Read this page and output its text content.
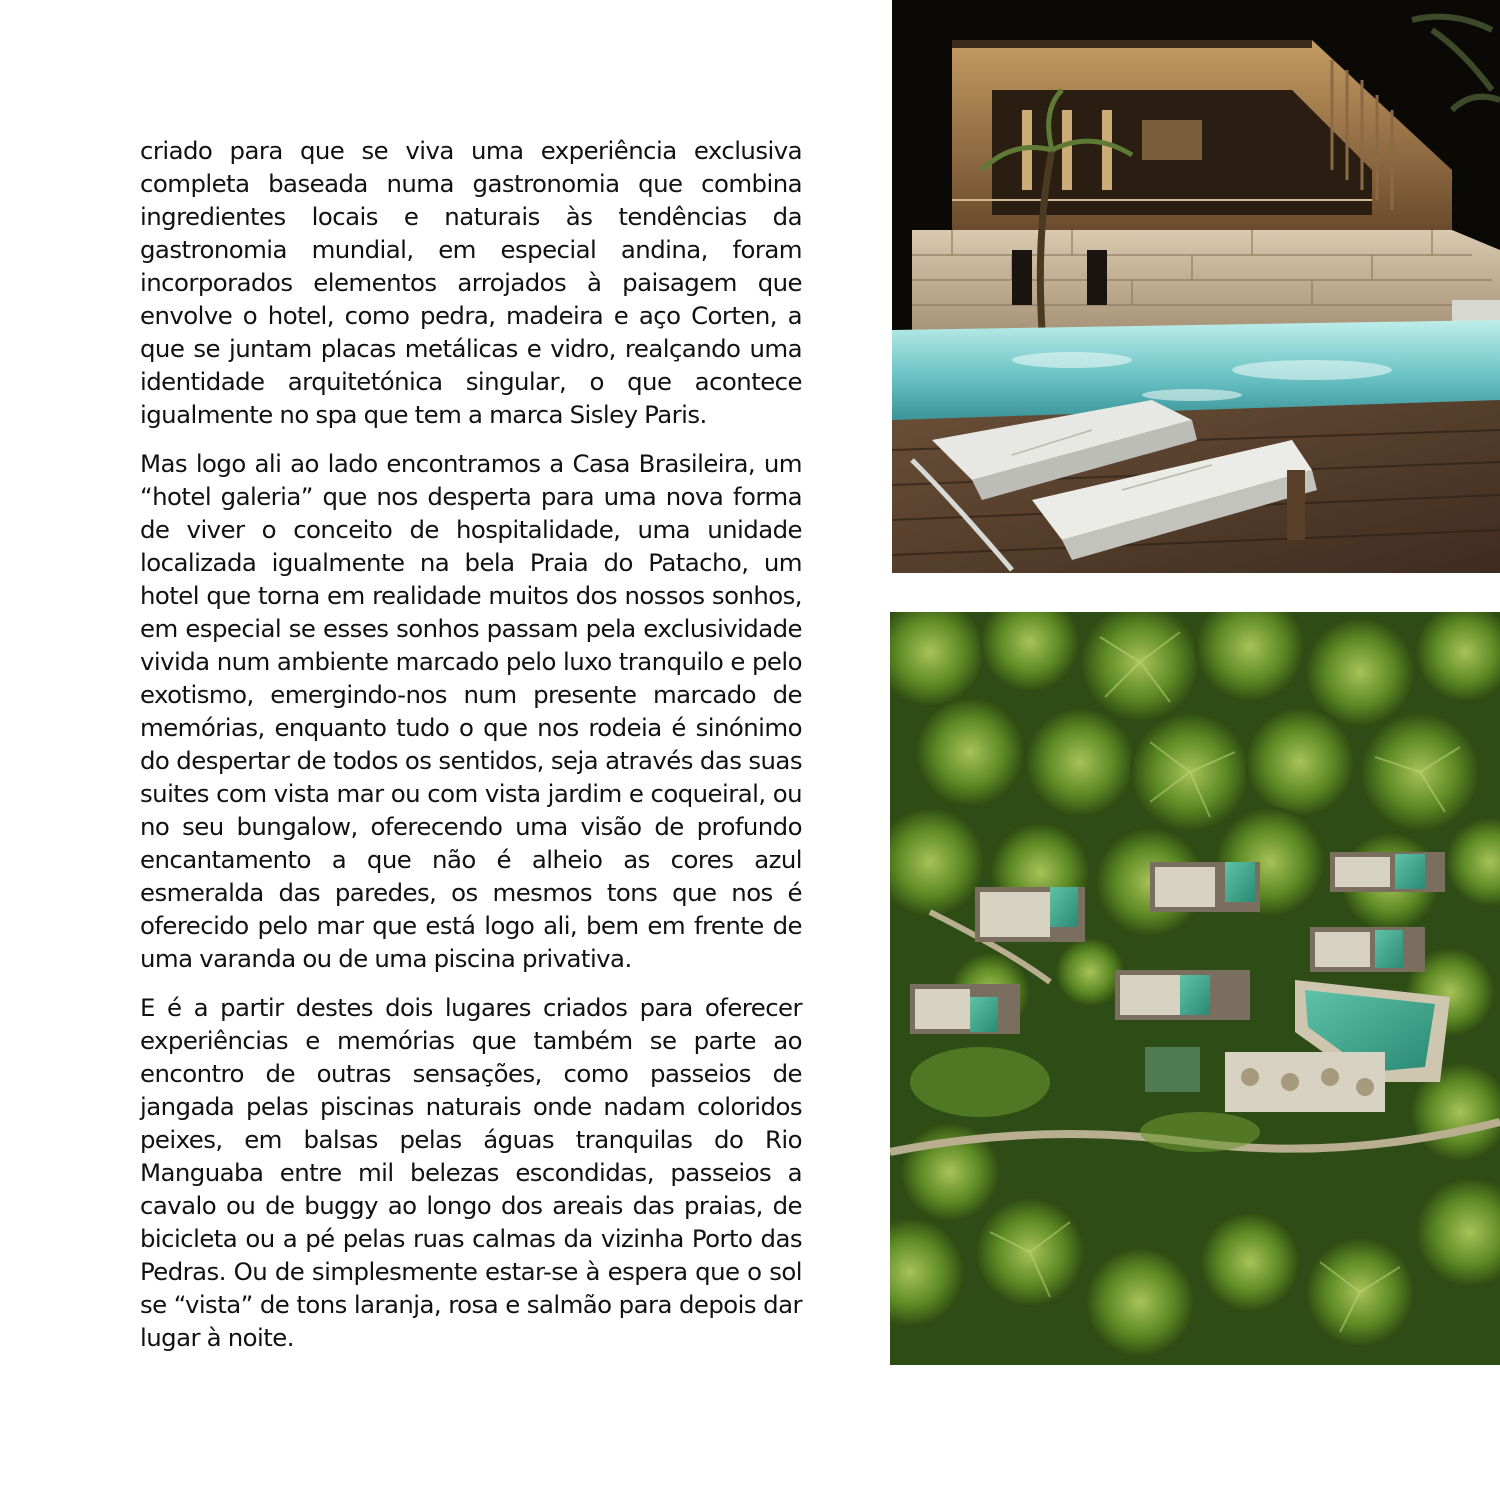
criado para que se viva uma experiência exclusiva completa baseada numa gastronomia que combina ingredientes locais e naturais às tendências da gastronomia mundial, em especial andina, foram incorporados elementos arrojados à paisagem que envolve o hotel, como pedra, madeira e aço Corten, a que se juntam placas metálicas e vidro, realçando uma identidade arquitetónica singular, o que acontece igualmente no spa que tem a marca Sisley Paris.

Mas logo ali ao lado encontramos a Casa Brasileira, um “hotel galeria” que nos desperta para uma nova forma de viver o conceito de hospitalidade, uma unidade localizada igualmente na bela Praia do Patacho, um hotel que torna em realidade muitos dos nossos sonhos, em especial se esses sonhos passam pela exclusividade vivida num ambiente marcado pelo luxo tranquilo e pelo exotismo, emergindo-nos num presente marcado de memórias, enquanto tudo o que nos rodeia é sinónimo do despertar de todos os sentidos, seja através das suas suites com vista mar ou com vista jardim e coqueiral, ou no seu bungalow, oferecendo uma visão de profundo encantamento a que não é alheio as cores azul esmeralda das paredes, os mesmos tons que nos é oferecido pelo mar que está logo ali, bem em frente de uma varanda ou de uma piscina privativa.

E é a partir destes dois lugares criados para oferecer experiências e memórias que também se parte ao encontro de outras sensações, como passeios de jangada pelas piscinas naturais onde nadam coloridos peixes, em balsas pelas águas tranquilas do Rio Manguaba entre mil belezas escondidas, passeios a cavalo ou de buggy ao longo dos areais das praias, de bicicleta ou a pé pelas ruas calmas da vizinha Porto das Pedras. Ou de simplesmente estar-se à espera que o sol se “vista” de tons laranja, rosa e salmão para depois dar lugar à noite.
